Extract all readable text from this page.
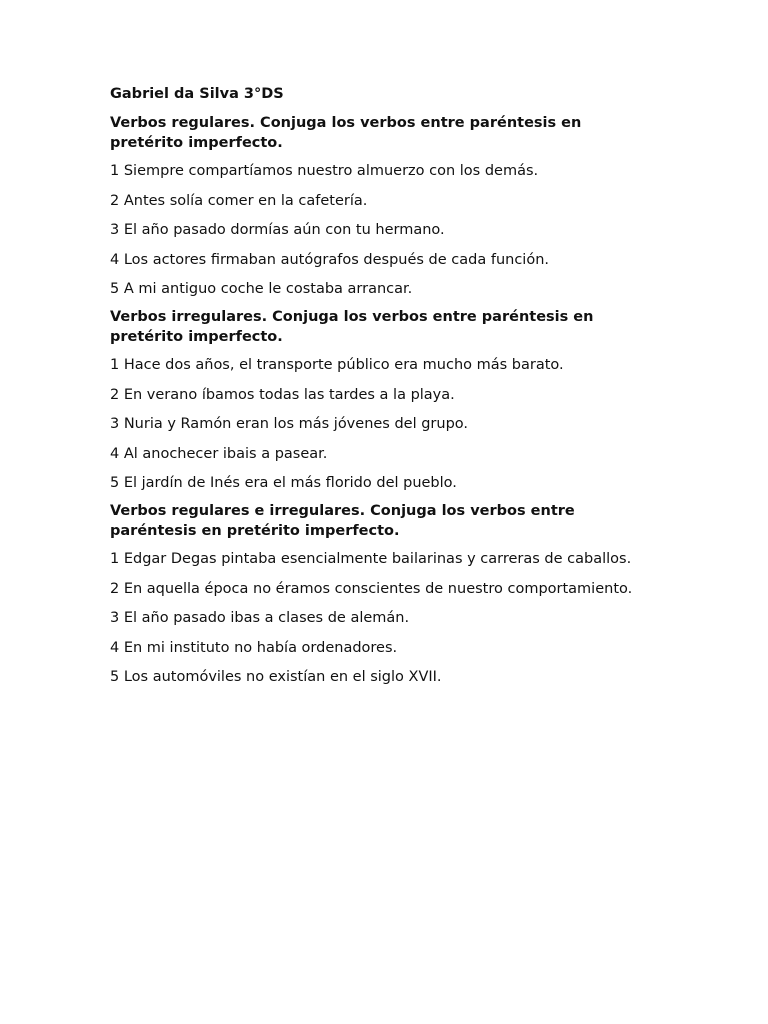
Gabriel da Silva 3°DS
Verbos regulares. Conjuga los verbos entre paréntesis en pretérito imperfecto.
1 Siempre compartíamos nuestro almuerzo con los demás.
2 Antes solía comer en la cafetería.
3 El año pasado dormías aún con tu hermano.
4 Los actores firmaban autógrafos después de cada función.
5 A mi antiguo coche le costaba arrancar.
Verbos irregulares. Conjuga los verbos entre paréntesis en pretérito imperfecto.
1 Hace dos años, el transporte público era mucho más barato.
2 En verano íbamos todas las tardes a la playa.
3 Nuria y Ramón eran los más jóvenes del grupo.
4 Al anochecer ibais a pasear.
5 El jardín de Inés era el más florido del pueblo.
Verbos regulares e irregulares. Conjuga los verbos entre paréntesis en pretérito imperfecto.
1 Edgar Degas pintaba esencialmente bailarinas y carreras de caballos.
2 En aquella época no éramos conscientes de nuestro comportamiento.
3 El año pasado ibas a clases de alemán.
4 En mi instituto no había ordenadores.
5 Los automóviles no existían en el siglo XVII.
